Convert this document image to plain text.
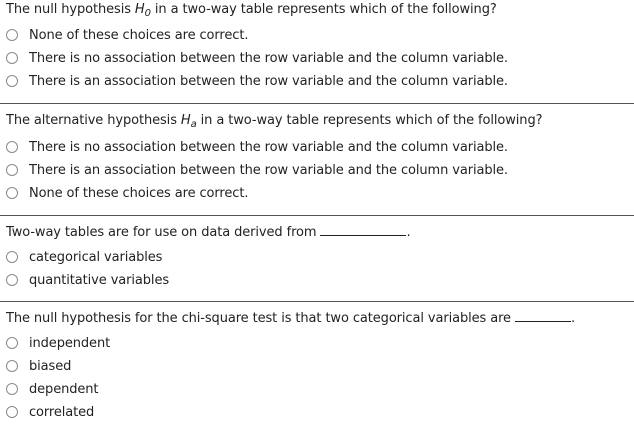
The null hypothesis $H_0$ in a two-way table represents which of the following?
None of these choices are correct.
There is no association between the row variable and the column variable.
There is an association between the row variable and the column variable.
The alternative hypothesis $H_a$ in a two-way table represents which of the following?
There is no association between the row variable and the column variable.
There is an association between the row variable and the column variable.
None of these choices are correct.
Two-way tables are for use on data derived from	.
categorical variables
quantitative variables
The null hypothesis for the chi-square test is that two categorical variables are	.
independent
biased
dependent
correlated
